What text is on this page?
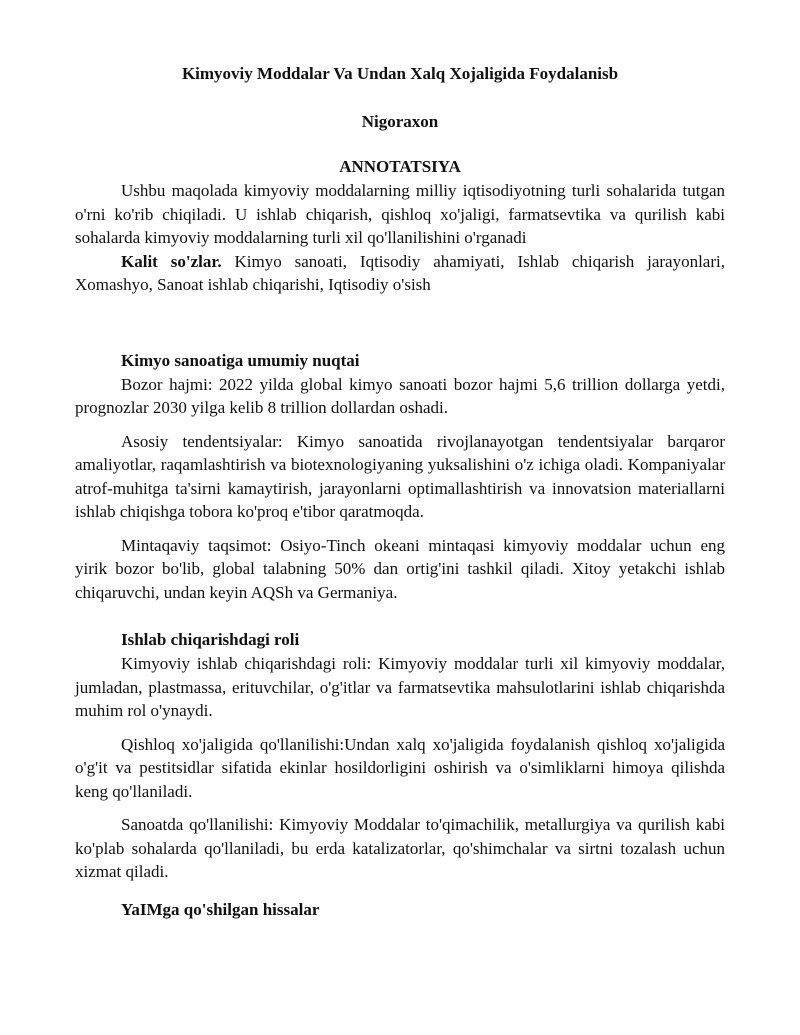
Kimyoviy Moddalar Va Undan Xalq Xojaligida Foydalanisb
Nigoraxon
ANNOTATSIYA

Ushbu maqolada kimyoviy moddalarning milliy iqtisodiyotning turli sohalarida tutgan o'rni ko'rib chiqiladi. U ishlab chiqarish, qishloq xo'jaligi, farmatsevtika va qurilish kabi sohalarda kimyoviy moddalarning turli xil qo'llanilishini o'rganadi

Kalit so'zlar. Kimyo sanoati, Iqtisodiy ahamiyati, Ishlab chiqarish jarayonlari, Xomashyo, Sanoat ishlab chiqarishi, Iqtisodiy o'sish

Kimyo sanoatiga umumiy nuqtai

Bozor hajmi: 2022 yilda global kimyo sanoati bozor hajmi 5,6 trillion dollarga yetdi, prognozlar 2030 yilga kelib 8 trillion dollardan oshadi.

Asosiy tendentsiyalar: Kimyo sanoatida rivojlanayotgan tendentsiyalar barqaror amaliyotlar, raqamlashtirish va biotexnologiyaning yuksalishini o'z ichiga oladi. Kompaniyalar atrof-muhitga ta'sirni kamaytirish, jarayonlarni optimallashtirish va innovatsion materiallarni ishlab chiqishga tobora ko'proq e'tibor qaratmoqda.

Mintaqaviy taqsimot: Osiyo-Tinch okeani mintaqasi kimyoviy moddalar uchun eng yirik bozor bo'lib, global talabning 50% dan ortig'ini tashkil qiladi. Xitoy yetakchi ishlab chiqaruvchi, undan keyin AQSh va Germaniya.

Ishlab chiqarishdagi roli

Kimyoviy ishlab chiqarishdagi roli: Kimyoviy moddalar turli xil kimyoviy moddalar, jumladan, plastmassa, erituvchilar, o'g'itlar va farmatsevtika mahsulotlarini ishlab chiqarishda muhim rol o'ynaydi.

Qishloq xo'jaligida qo'llanilishi:Undan xalq xo'jaligida foydalanish qishloq xo'jaligida o'g'it va pestitsidlar sifatida ekinlar hosildorligini oshirish va o'simliklarni himoya qilishda keng qo'llaniladi.

Sanoatda qo'llanilishi: Kimyoviy Moddalar to'qimachilik, metallurgiya va qurilish kabi ko'plab sohalarda qo'llaniladi, bu erda katalizatorlar, qo'shimchalar va sirtni tozalash uchun xizmat qiladi.

YaIMga qo'shilgan hissalar
